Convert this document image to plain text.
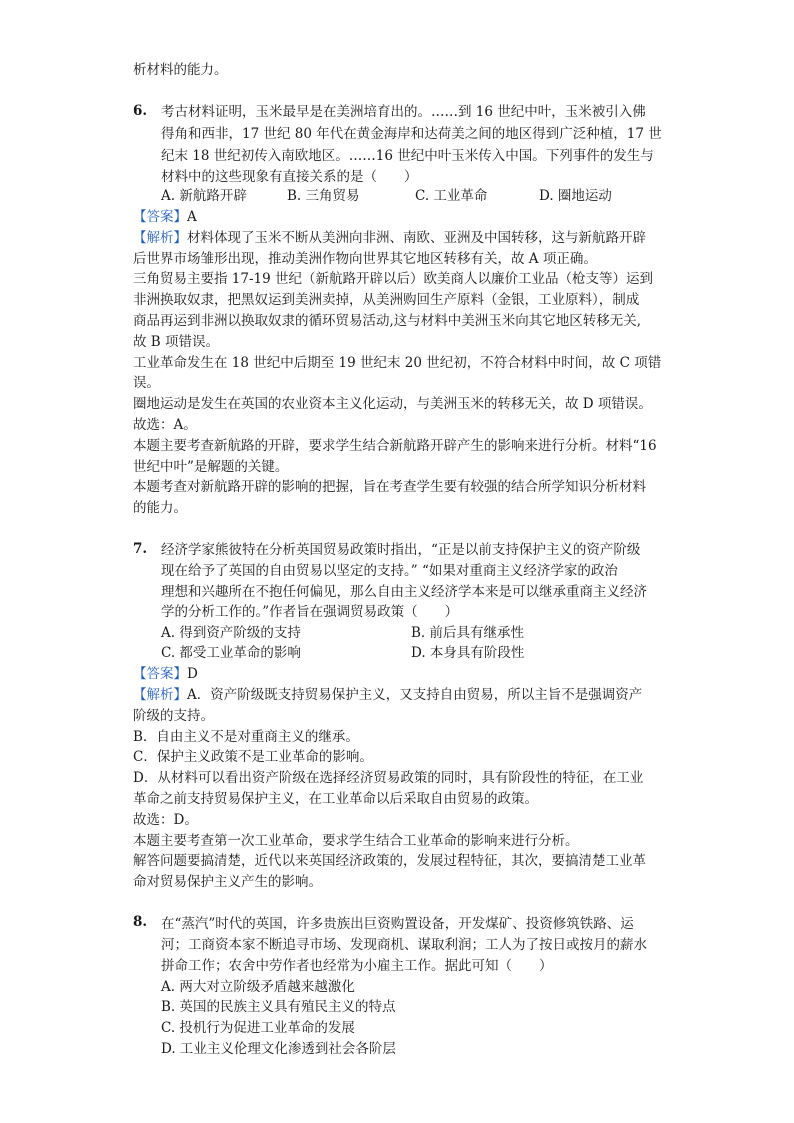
析材料的能力。
6. 考古材料证明，玉米最早是在美洲培育出的。……到 16 世纪中叶，玉米被引入佛
得角和西非，17 世纪 80 年代在黄金海岸和达荷美之间的地区得到广泛种植，17 世
纪末 18 世纪初传入南欧地区。……16 世纪中叶玉米传入中国。下列事件的发生与
材料中的这些现象有直接关系的是（　　）
A. 新航路开辟	B. 三角贸易	C. 工业革命	D. 圈地运动
【答案】A
【解析】材料体现了玉米不断从美洲向非洲、南欧、亚洲及中国转移，这与新航路开辟
后世界市场雏形出现，推动美洲作物向世界其它地区转移有关，故 A 项正确。
三角贸易主要指 17-19 世纪（新航路开辟以后）欧美商人以廉价工业品（枪支等）运到
非洲换取奴隶，把黑奴运到美洲卖掉，从美洲购回生产原料（金银，工业原料），制成
商品再运到非洲以换取奴隶的循环贸易活动,这与材料中美洲玉米向其它地区转移无关,
故 B 项错误。
工业革命发生在 18 世纪中后期至 19 世纪末 20 世纪初，不符合材料中时间，故 C 项错
误。
圈地运动是发生在英国的农业资本主义化运动，与美洲玉米的转移无关，故 D 项错误。
故选：A。
本题主要考查新航路的开辟，要求学生结合新航路开辟产生的影响来进行分析。材料“16
世纪中叶”是解题的关键。
本题考查对新航路开辟的影响的把握，旨在考查学生要有较强的结合所学知识分析材料
的能力。
7. 经济学家熊彼特在分析英国贸易政策时指出，“正是以前支持保护主义的资产阶级
现在给予了英国的自由贸易以坚定的支持。” “如果对重商主义经济学家的政治
理想和兴趣所在不抱任何偏见，那么自由主义经济学本来是可以继承重商主义经济
学的分析工作的。”作者旨在强调贸易政策（　　）
A. 得到资产阶级的支持	B. 前后具有继承性
C. 都受工业革命的影响	D. 本身具有阶段性
【答案】D
【解析】A．资产阶级既支持贸易保护主义，又支持自由贸易，所以主旨不是强调资产
阶级的支持。
B．自由主义不是对重商主义的继承。
C．保护主义政策不是工业革命的影响。
D．从材料可以看出资产阶级在选择经济贸易政策的同时，具有阶段性的特征，在工业
革命之前支持贸易保护主义，在工业革命以后采取自由贸易的政策。
故选：D。
本题主要考查第一次工业革命，要求学生结合工业革命的影响来进行分析。
解答问题要搞清楚，近代以来英国经济政策的，发展过程特征，其次，要搞清楚工业革
命对贸易保护主义产生的影响。
8. 在“蒸汽”时代的英国，许多贵族出巨资购置设备，开发煤矿、投资修筑铁路、运
河；工商资本家不断追寻市场、发现商机、谋取利润；工人为了按日或按月的薪水
拼命工作；农舍中劳作者也经常为小雇主工作。据此可知（　　）
A. 两大对立阶级矛盾越来越激化
B. 英国的民族主义具有殖民主义的特点
C. 投机行为促进工业革命的发展
D. 工业主义伦理文化渗透到社会各阶层
